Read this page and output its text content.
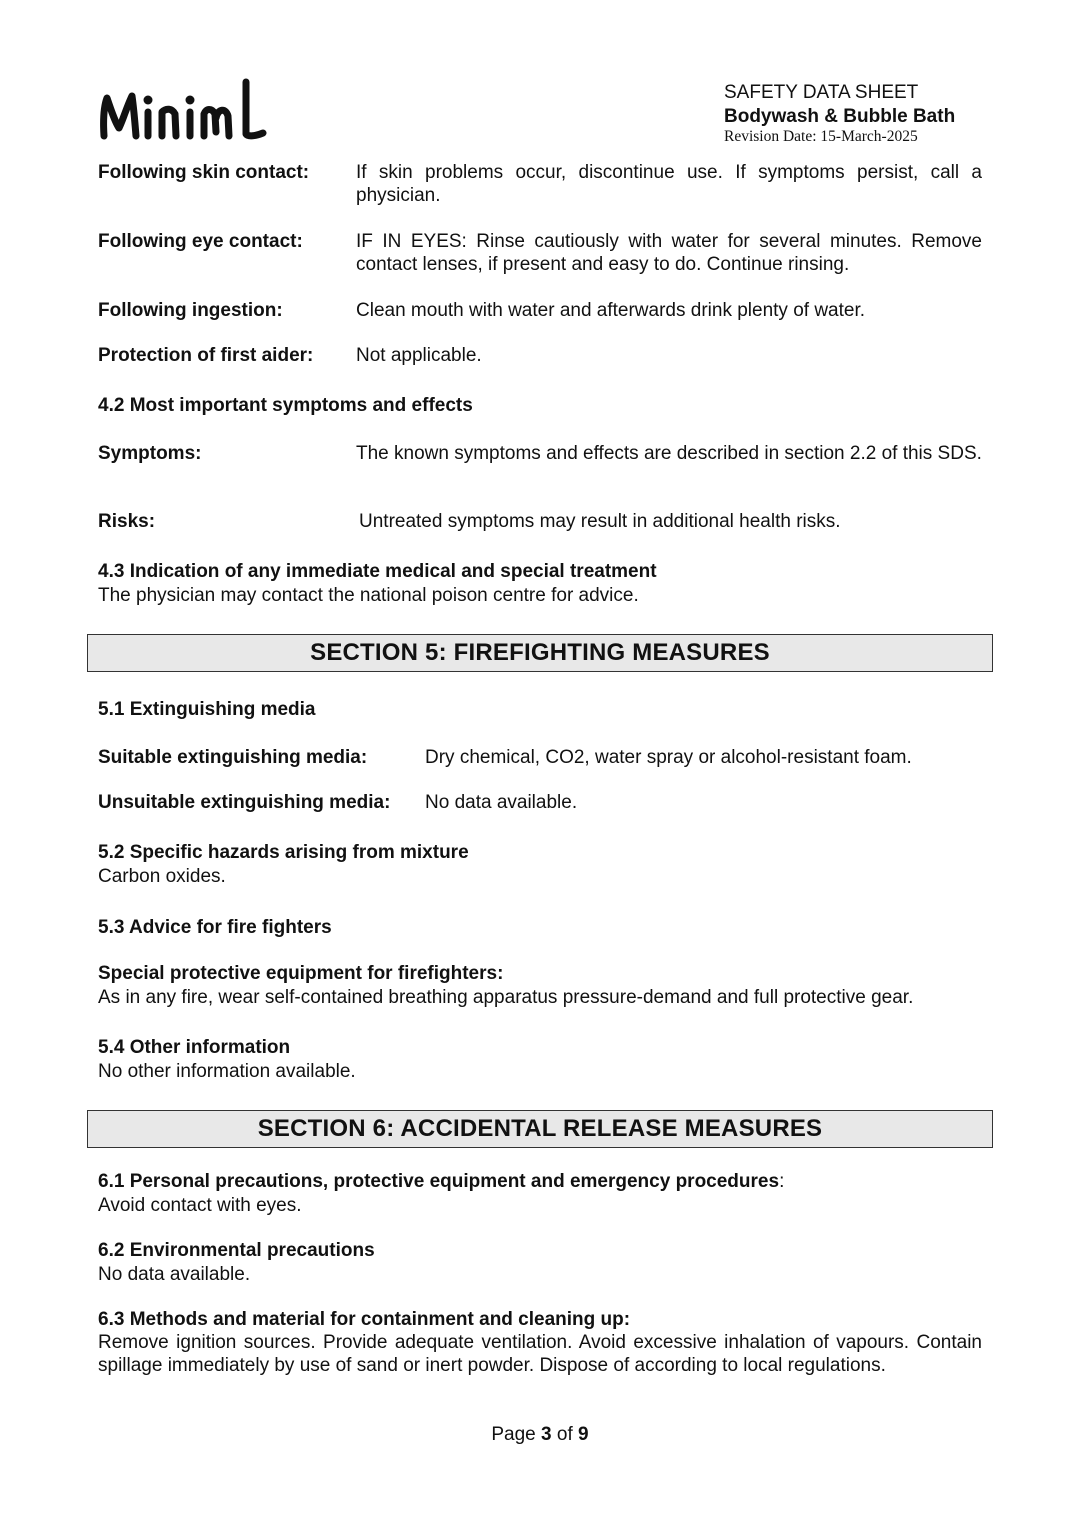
SAFETY DATA SHEET
Bodywash & Bubble Bath
Revision Date: 15-March-2025
Following skin contact: If skin problems occur, discontinue use. If symptoms persist, call a physician.
Following eye contact:	IF IN EYES: Rinse cautiously with water for several minutes. Remove contact lenses, if present and easy to do. Continue rinsing.
Following ingestion:	Clean mouth with water and afterwards drink plenty of water.
Protection of first aider: Not applicable.
4.2 Most important symptoms and effects
Symptoms:	The known symptoms and effects are described in section 2.2 of this SDS.
Risks:	Untreated symptoms may result in additional health risks.
4.3 Indication of any immediate medical and special treatment
The physician may contact the national poison centre for advice.
SECTION 5: FIREFIGHTING MEASURES
5.1 Extinguishing media
Suitable extinguishing media:	Dry chemical, CO2, water spray or alcohol-resistant foam.
Unsuitable extinguishing media: No data available.
5.2 Specific hazards arising from mixture
Carbon oxides.
5.3 Advice for fire fighters
Special protective equipment for firefighters:
As in any fire, wear self-contained breathing apparatus pressure-demand and full protective gear.
5.4 Other information
No other information available.
SECTION 6: ACCIDENTAL RELEASE MEASURES
6.1 Personal precautions, protective equipment and emergency procedures:
Avoid contact with eyes.
6.2 Environmental precautions
No data available.
6.3 Methods and material for containment and cleaning up:
Remove ignition sources. Provide adequate ventilation. Avoid excessive inhalation of vapours. Contain spillage immediately by use of sand or inert powder. Dispose of according to local regulations.
Page 3 of 9
